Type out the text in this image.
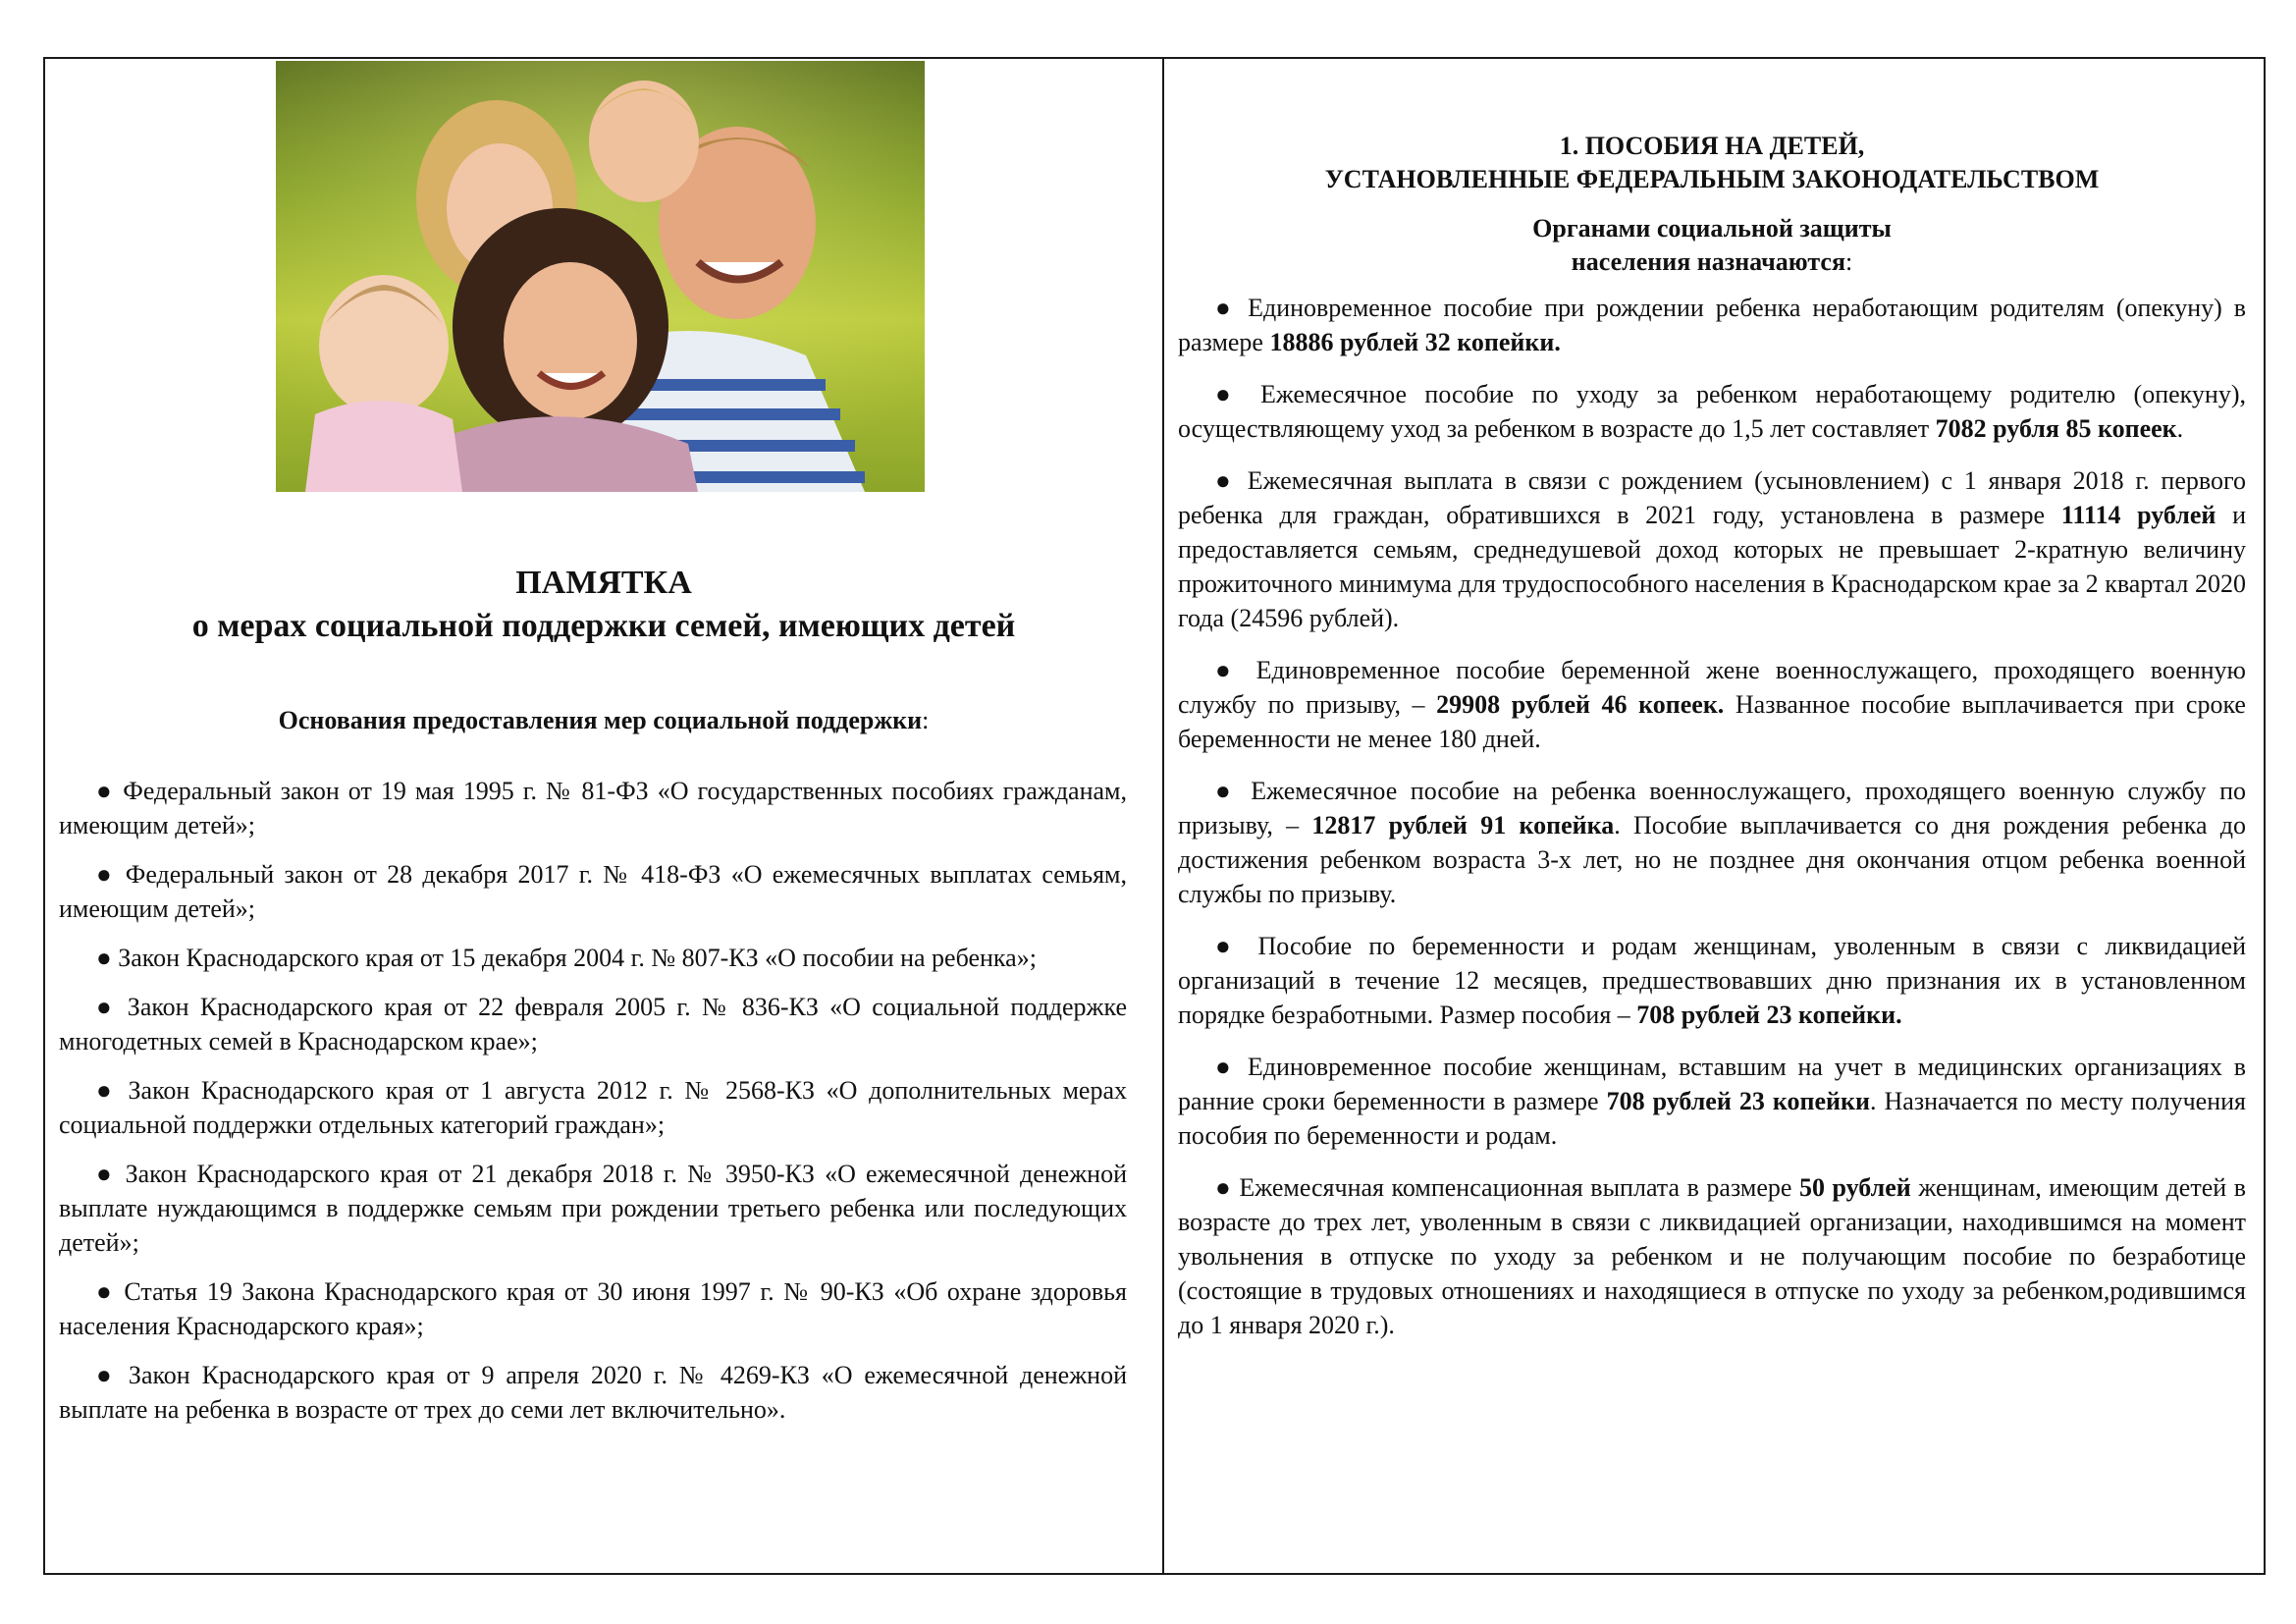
ПАМЯТКА
о мерах социальной поддержки семей, имеющих детей
Основания предоставления мер социальной поддержки:

● Федеральный закон от 19 мая 1995 г. № 81-ФЗ «О государственных пособиях гражданам, имеющим детей»;

● Федеральный закон от 28 декабря 2017 г. № 418-ФЗ «О ежемесячных выплатах семьям, имеющим детей»;

● Закон Краснодарского края от 15 декабря 2004 г. № 807-КЗ «О пособии на ребенка»;

● Закон Краснодарского края от 22 февраля 2005 г. № 836-КЗ «О социальной поддержке многодетных семей в Краснодарском крае»;

● Закон Краснодарского края от 1 августа 2012 г. № 2568-КЗ «О дополнительных мерах социальной поддержки отдельных категорий граждан»;

● Закон Краснодарского края от 21 декабря 2018 г. № 3950-КЗ «О ежемесячной денежной выплате нуждающимся в поддержке семьям при рождении третьего ребенка или последующих детей»;

● Статья 19 Закона Краснодарского края от 30 июня 1997 г. № 90-КЗ «Об охране здоровья населения Краснодарского края»;

● Закон Краснодарского края от 9 апреля 2020 г. № 4269-КЗ «О ежемесячной денежной выплате на ребенка в возрасте от трех до семи лет включительно».

1. ПОСОБИЯ НА ДЕТЕЙ,
УСТАНОВЛЕННЫЕ ФЕДЕРАЛЬНЫМ ЗАКОНОДАТЕЛЬСТВОМ
Органами социальной защиты
населения назначаются:

● Единовременное пособие при рождении ребенка неработающим родителям (опекуну) в размере 18886 рублей 32 копейки.

● Ежемесячное пособие по уходу за ребенком неработающему родителю (опекуну), осуществляющему уход за ребенком в возрасте до 1,5 лет составляет 7082 рубля 85 копеек.

● Ежемесячная выплата в связи с рождением (усыновлением) с 1 января 2018 г. первого ребенка для граждан, обратившихся в 2021 году, установлена в размере 11114 рублей и предоставляется семьям, среднедушевой доход которых не превышает 2-кратную величину прожиточного минимума для трудоспособного населения в Краснодарском крае за 2 квартал 2020 года (24596 рублей).

● Единовременное пособие беременной жене военнослужащего, проходящего военную службу по призыву, – 29908 рублей 46 копеек. Названное пособие выплачивается при сроке беременности не менее 180 дней.

● Ежемесячное пособие на ребенка военнослужащего, проходящего военную службу по призыву, – 12817 рублей 91 копейка. Пособие выплачивается со дня рождения ребенка до достижения ребенком возраста 3-х лет, но не позднее дня окончания отцом ребенка военной службы по призыву.

● Пособие по беременности и родам женщинам, уволенным в связи с ликвидацией организаций в течение 12 месяцев, предшествовавших дню признания их в установленном порядке безработными. Размер пособия – 708 рублей 23 копейки.

● Единовременное пособие женщинам, вставшим на учет в медицинских организациях в ранние сроки беременности в размере 708 рублей 23 копейки. Назначается по месту получения пособия по беременности и родам.

● Ежемесячная компенсационная выплата в размере 50 рублей женщинам, имеющим детей в возрасте до трех лет, уволенным в связи с ликвидацией организации, находившимся на момент увольнения в отпуске по уходу за ребенком и не получающим пособие по безработице (состоящие в трудовых отношениях и находящиеся в отпуске по уходу за ребенком,родившимся до 1 января 2020 г.).
